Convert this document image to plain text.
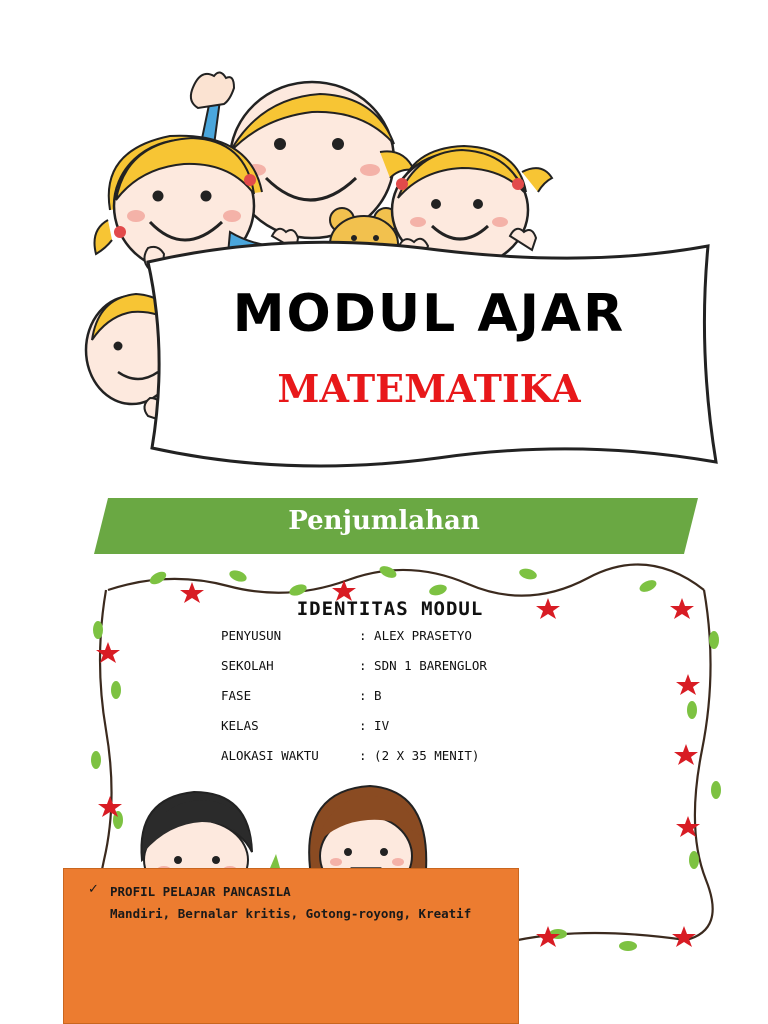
MODUL AJAR
MATEMATIKA
Penjumlahan
IDENTITAS MODUL
PENYUSUN	: ALEX PRASETYO
SEKOLAH	: SDN 1 BARENGLOR
FASE	: B
KELAS	: IV
ALOKASI WAKTU	: (2 X 35 MENIT)
✓ PROFIL PELAJAR PANCASILA
Mandiri, Bernalar kritis, Gotong-royong, Kreatif
